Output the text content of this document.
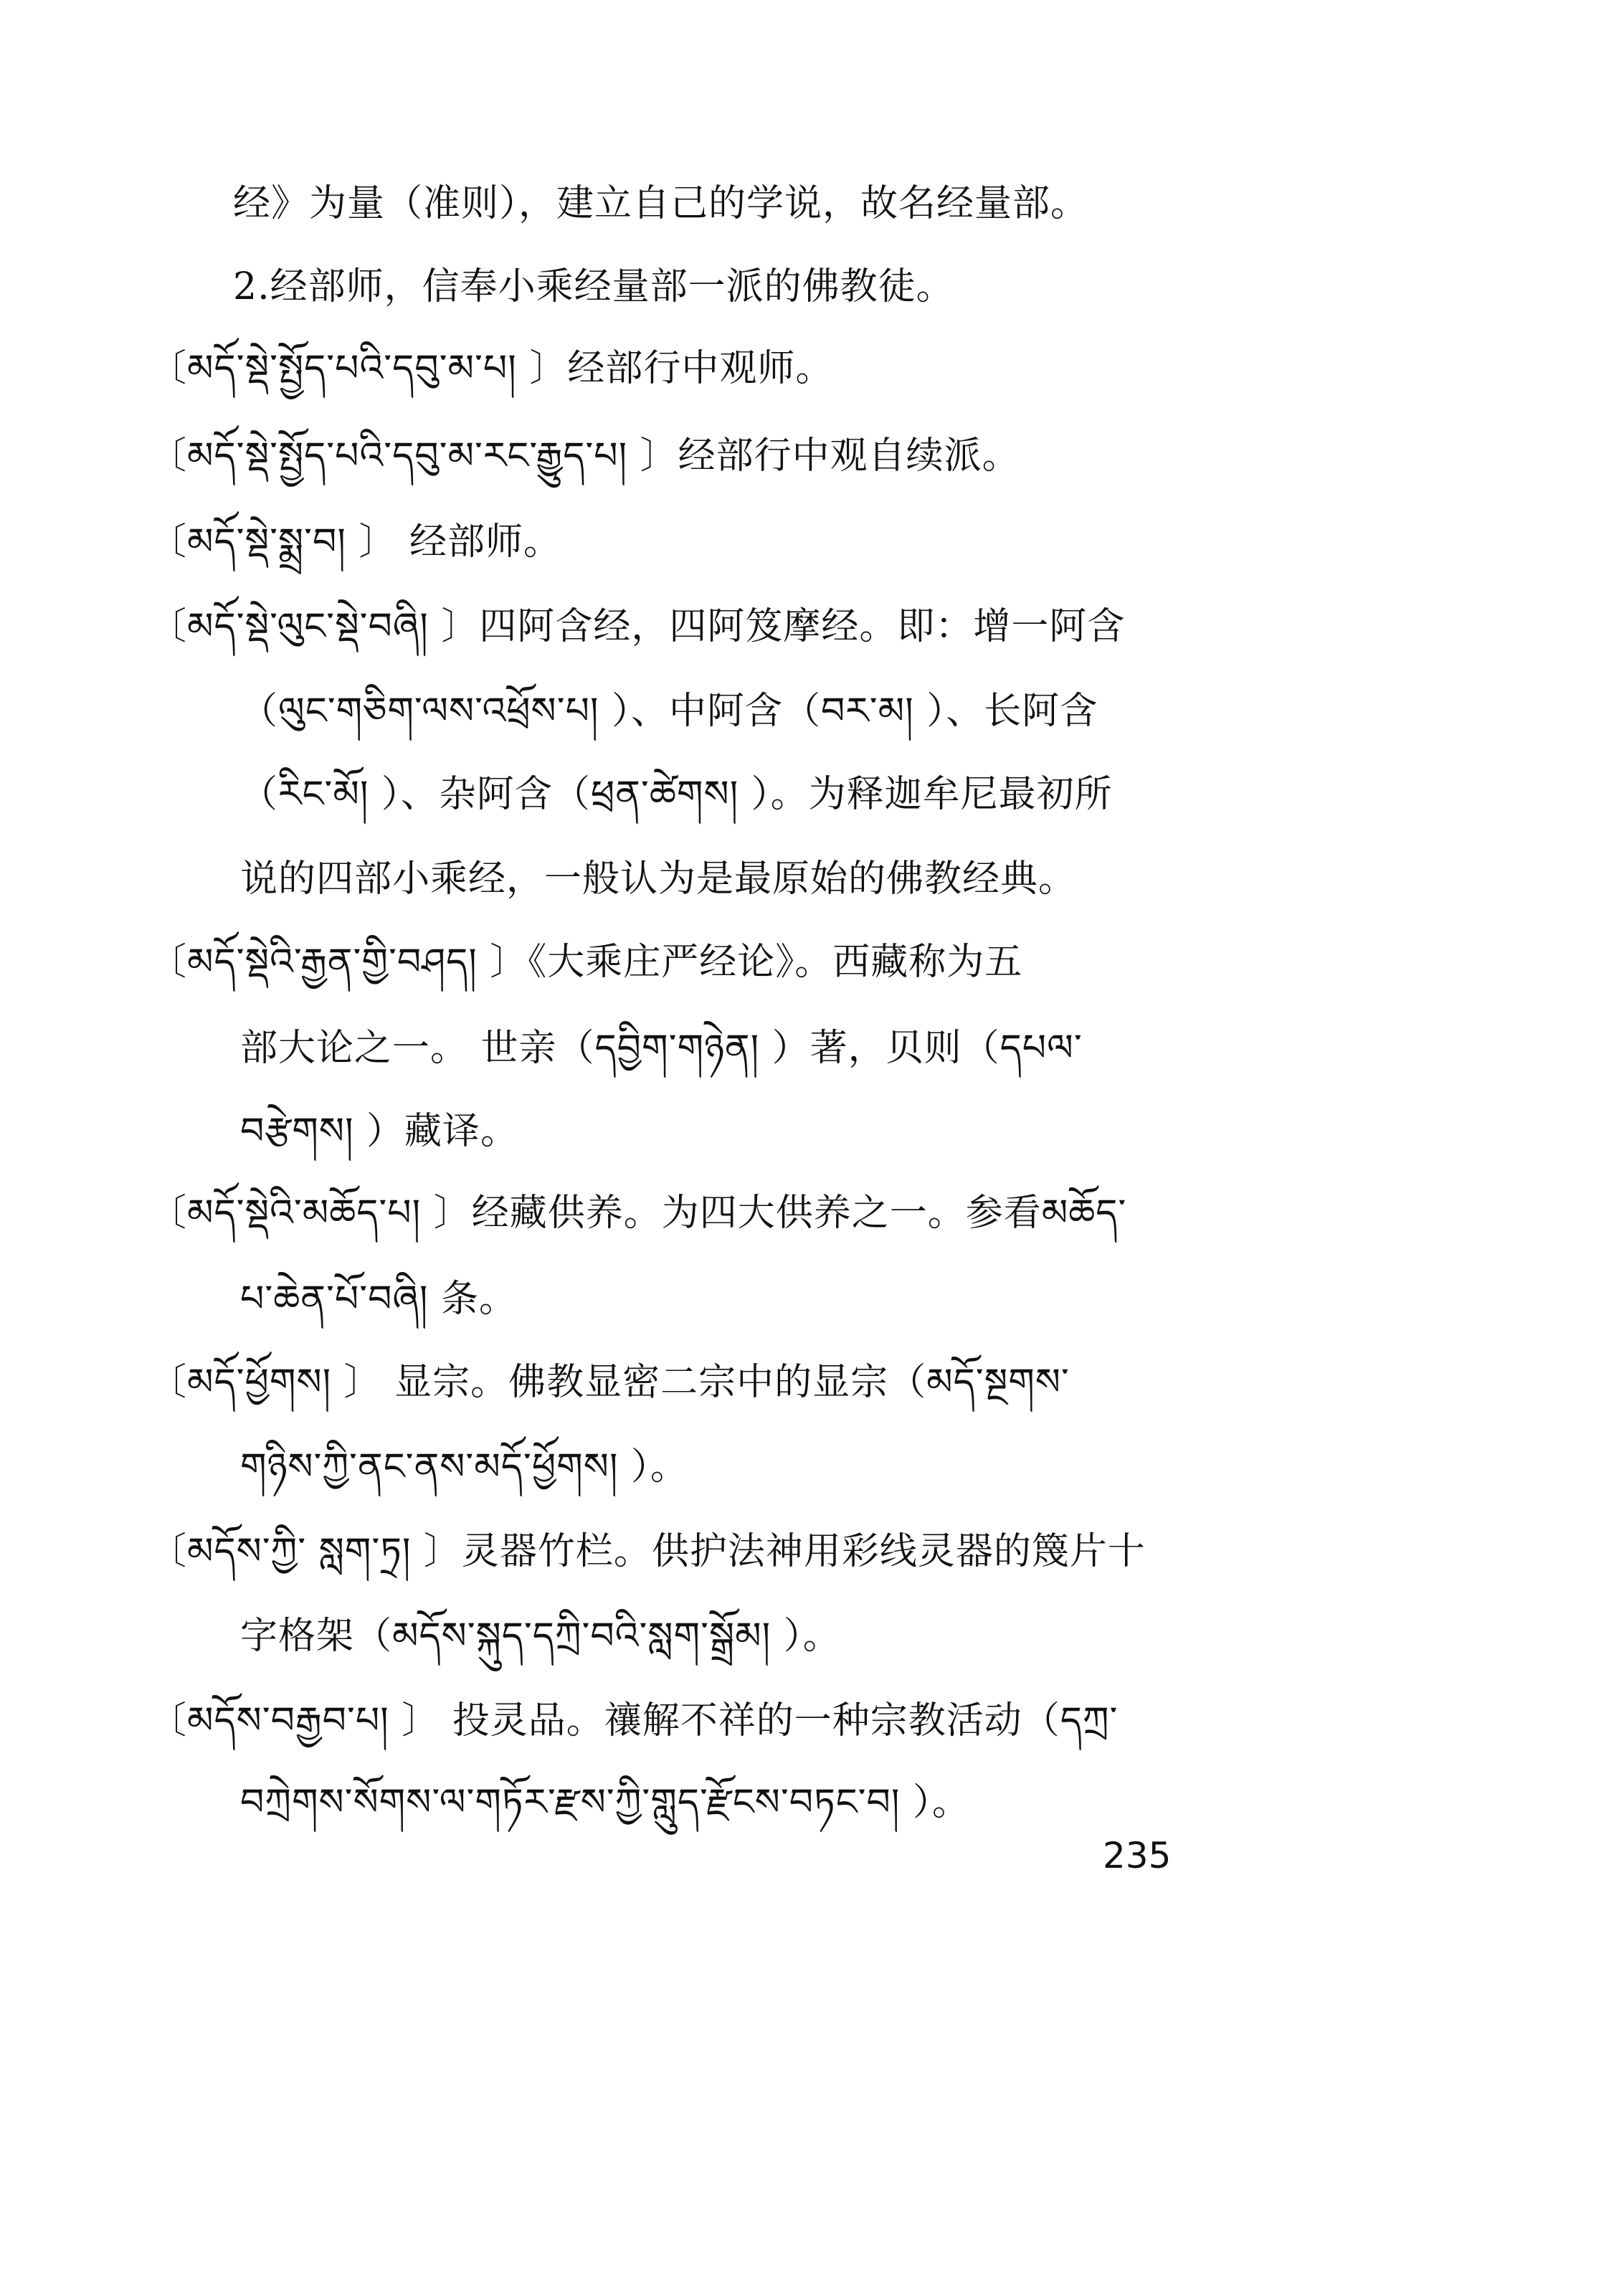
经》为量（准则），建立自己的学说，故名经量部。
2.经部师，信奉小乘经量部一派的佛教徒。
〔མདོ་སྡེ་སྤྱོད་པའི་དབུ་མ་པ། 〕经部行中观师。
〔མདོ་སྡེ་སྤྱོད་པའི་དབུ་མ་རང་རྒྱུད་པ། 〕经部行中观自续派。
〔མདོ་སྡེ་སྨྲ་བ། 〕 经部师。
〔མདོ་སྡེ་ལུང་སྡེ་བཞི། 〕四阿含经，四阿笈摩经。即：增一阿含
（ལུང་གཅིག་ལས་འཕྲོས་པ། ）、中阿含（བར་མ། ）、长阿含
（རིང་མོ། ）、杂阿含（ཕྲན་ཚེགས། ）。为释迦牟尼最初所
说的四部小乘经，一般认为是最原始的佛教经典。
〔མདོ་སྡེའི་རྒྱན་གྱི་བཤད། 〕《大乘庄严经论》。西藏称为五
部大论之一。 世亲（དབྱིག་གཉེན། ）著，贝则（དཔལ་
བརྩེགས། ）藏译。
〔མདོ་སྡེའི་མཆོད་པ། 〕经藏供养。为四大供养之一。参看མཆོད་
པ་ཆེན་པོ་བཞི། 条。
〔མདོ་ཕྱོགས། 〕 显宗。佛教显密二宗中的显宗（མདོ་སྔགས་
གཉིས་ཀྱི་ནང་ནས་མདོ་ཕྱོགས། ）。
〔མདོས་ཀྱི་ སླག་ཏྲ། 〕灵器竹栏。供护法神用彩线灵器的篾片十
字格架（མདོས་སྐུད་དཀྲི་བའི་སླག་སྒྲོམ། ）。
〔མདོས་བརྒྱབ་པ། 〕 投灵品。禳解不祥的一种宗教活动（དཀྲ་
བཀྲེགས་སོགས་ལ་གཏོར་རྫས་ཀྱི་གླུད་རྫོངས་བཏང་བ། ）。
235
